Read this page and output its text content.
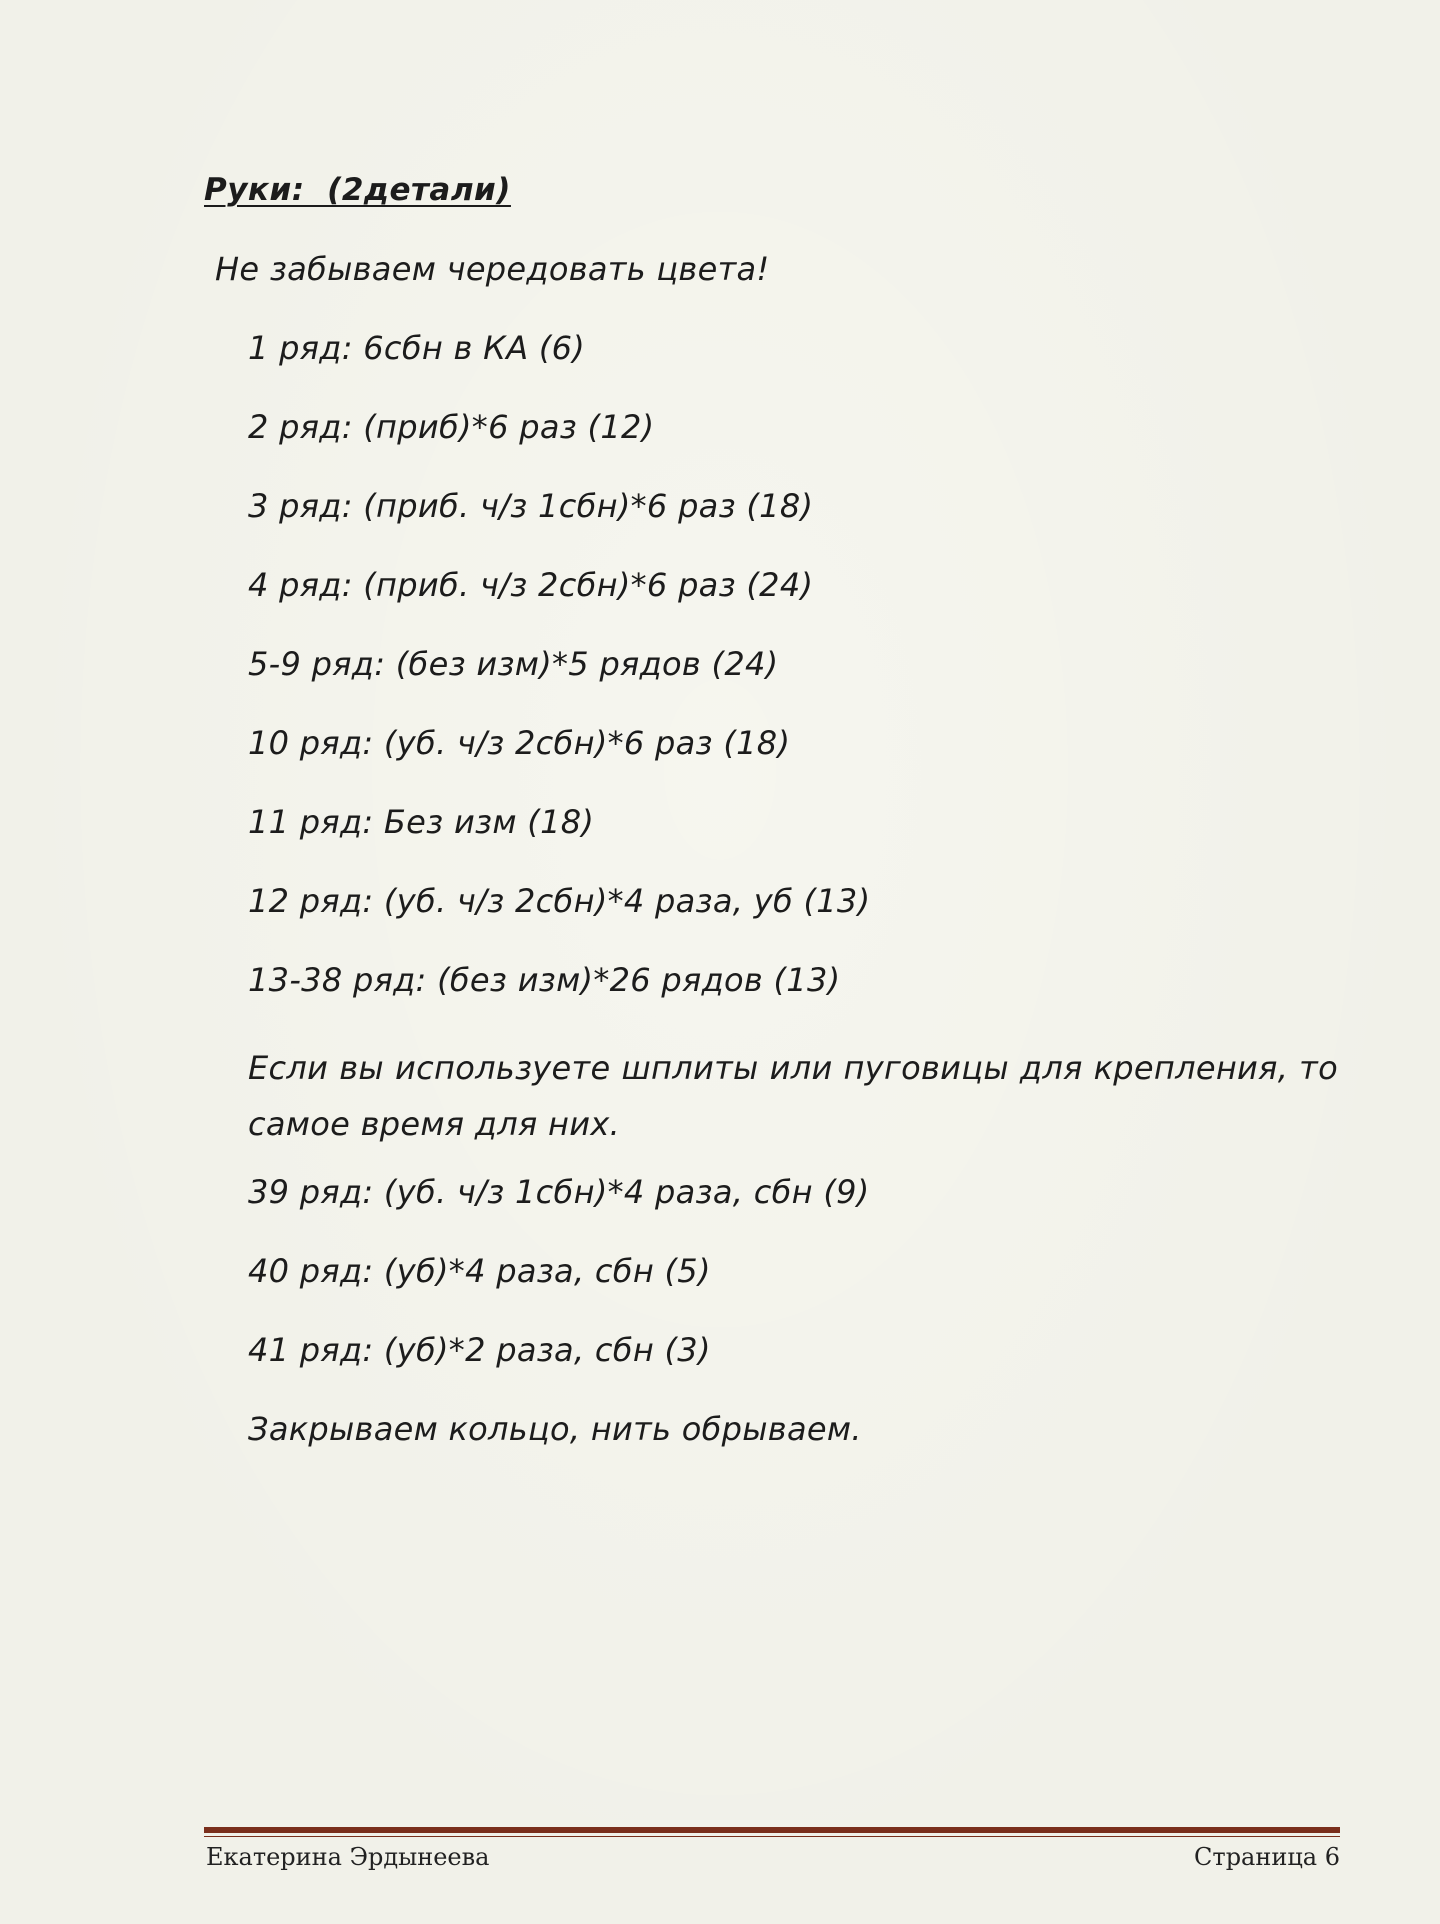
Руки:  (2детали)
Не забываем чередовать цвета!
1 ряд: 6сбн в КА (6)
2 ряд: (приб)*6 раз (12)
3 ряд: (приб. ч/з 1сбн)*6 раз (18)
4 ряд: (приб. ч/з 2сбн)*6 раз (24)
5-9 ряд: (без изм)*5 рядов (24)
10 ряд: (уб. ч/з 2сбн)*6 раз (18)
11 ряд: Без изм (18)
12 ряд: (уб. ч/з 2сбн)*4 раза, уб (13)
13-38 ряд: (без изм)*26 рядов (13)

Если вы используете шплиты или пуговицы для крепления, то самое время для них.

39 ряд: (уб. ч/з 1сбн)*4 раза, сбн (9)
40 ряд: (уб)*4 раза, сбн (5)
41 ряд: (уб)*2 раза, сбн (3)
Закрываем кольцо, нить обрываем.
Екатерина Эрдынеева	Страница 6
